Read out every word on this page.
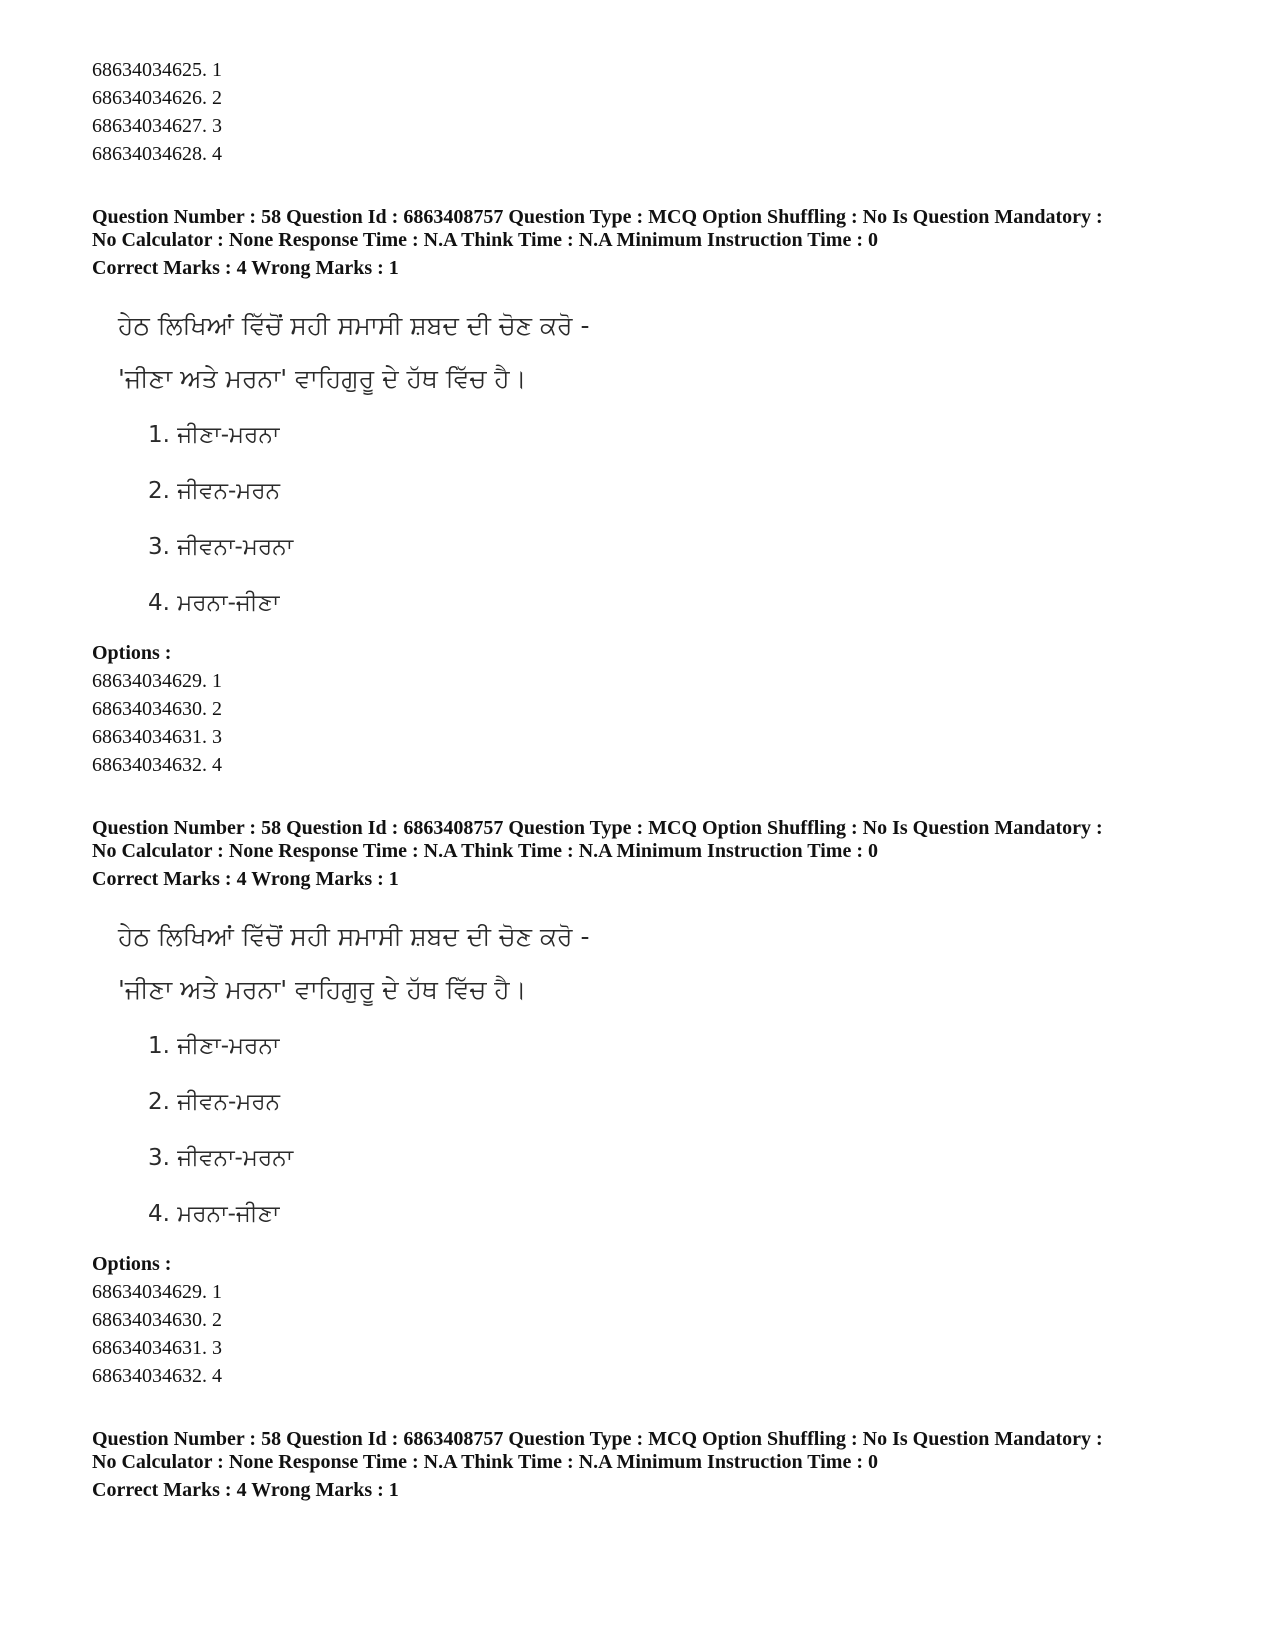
68634034625. 1
68634034626. 2
68634034627. 3
68634034628. 4
Question Number : 58 Question Id : 6863408757 Question Type : MCQ Option Shuffling : No Is Question Mandatory :
No Calculator : None Response Time : N.A Think Time : N.A Minimum Instruction Time : 0
Correct Marks : 4 Wrong Marks : 1
ਹੇਠ ਲਿਖਿਆਂ ਵਿੱਚੋਂ ਸਹੀ ਸਮਾਸੀ ਸ਼ਬਦ ਦੀ ਚੋਣ ਕਰੋ -
'ਜੀਣਾ ਅਤੇ ਮਰਨਾ' ਵਾਹਿਗੁਰੂ ਦੇ ਹੱਥ ਵਿੱਚ ਹੈ।
1. ਜੀਣਾ-ਮਰਨਾ
2. ਜੀਵਨ-ਮਰਨ
3. ਜੀਵਨਾ-ਮਰਨਾ
4. ਮਰਨਾ-ਜੀਣਾ
Options :
68634034629. 1
68634034630. 2
68634034631. 3
68634034632. 4
Question Number : 58 Question Id : 6863408757 Question Type : MCQ Option Shuffling : No Is Question Mandatory :
No Calculator : None Response Time : N.A Think Time : N.A Minimum Instruction Time : 0
Correct Marks : 4 Wrong Marks : 1
ਹੇਠ ਲਿਖਿਆਂ ਵਿੱਚੋਂ ਸਹੀ ਸਮਾਸੀ ਸ਼ਬਦ ਦੀ ਚੋਣ ਕਰੋ -
'ਜੀਣਾ ਅਤੇ ਮਰਨਾ' ਵਾਹਿਗੁਰੂ ਦੇ ਹੱਥ ਵਿੱਚ ਹੈ।
1. ਜੀਣਾ-ਮਰਨਾ
2. ਜੀਵਨ-ਮਰਨ
3. ਜੀਵਨਾ-ਮਰਨਾ
4. ਮਰਨਾ-ਜੀਣਾ
Options :
68634034629. 1
68634034630. 2
68634034631. 3
68634034632. 4
Question Number : 58 Question Id : 6863408757 Question Type : MCQ Option Shuffling : No Is Question Mandatory :
No Calculator : None Response Time : N.A Think Time : N.A Minimum Instruction Time : 0
Correct Marks : 4 Wrong Marks : 1
